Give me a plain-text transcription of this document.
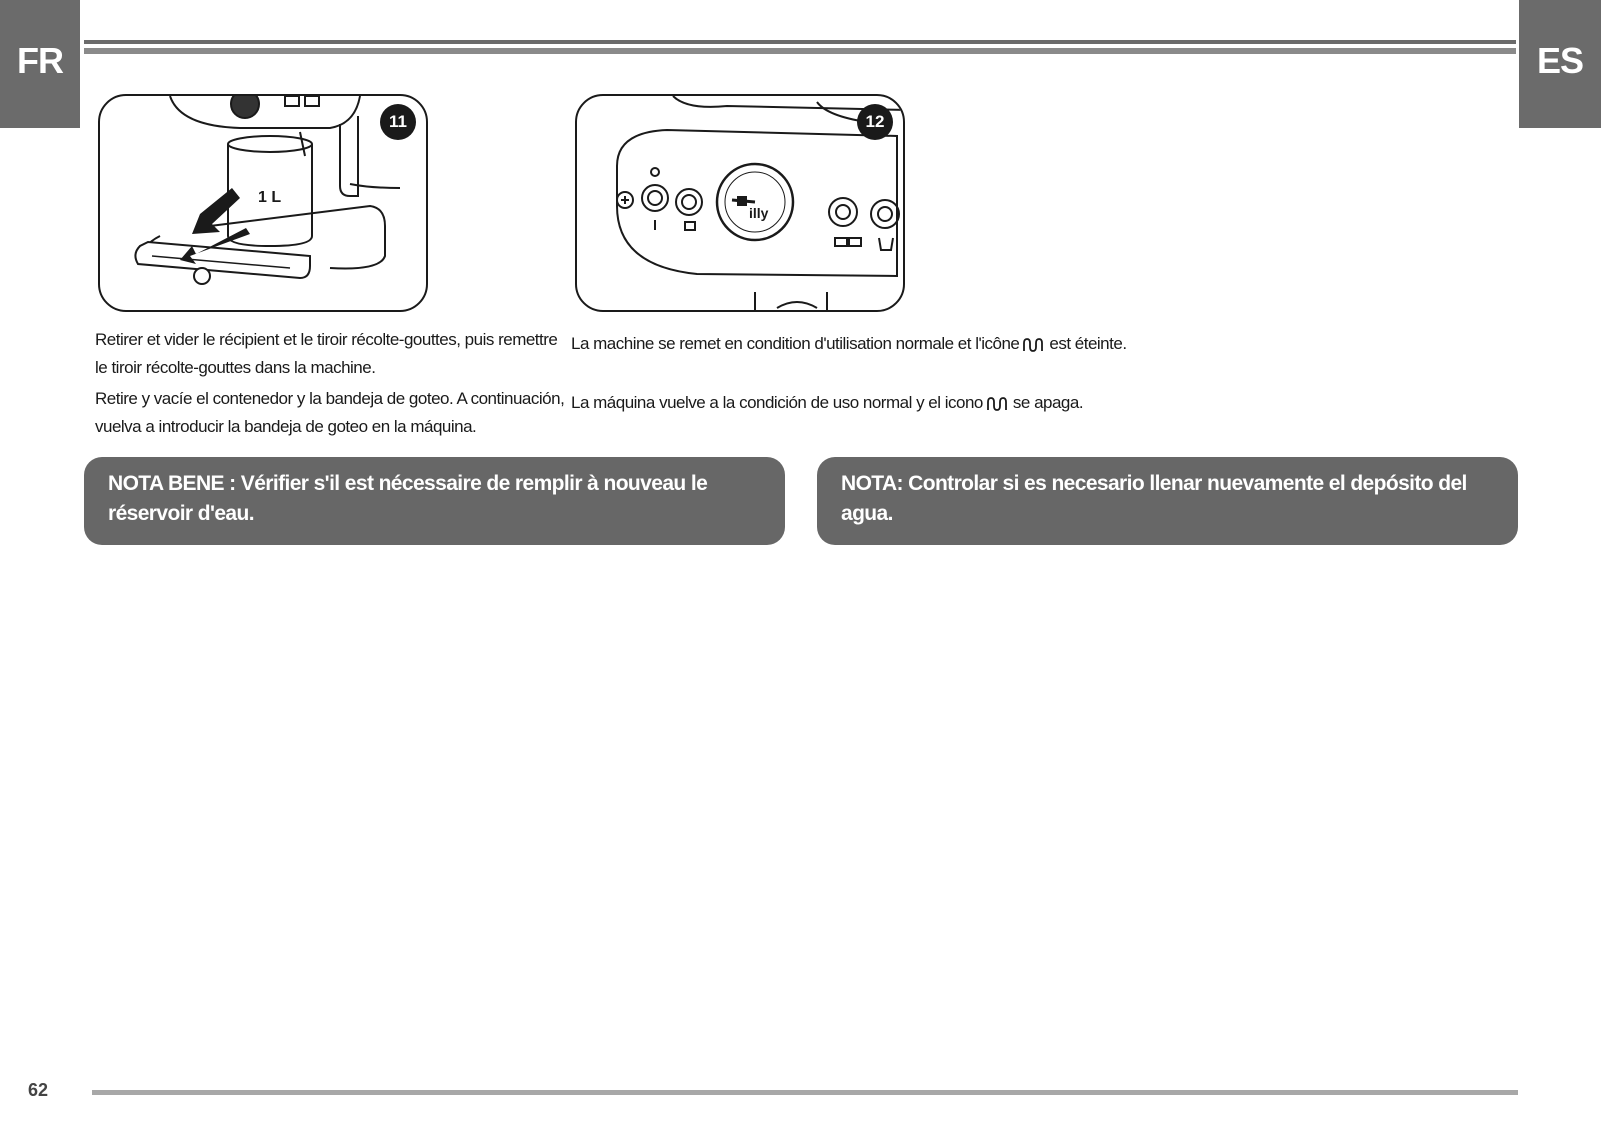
FR	ES
1 L
11
illy
12
Retirer et vider le récipient et le tiroir récolte-gouttes, puis remettre le tiroir récolte-gouttes dans la machine.
Retire y vacíe el contenedor y la bandeja de goteo. A continuación, vuelva a introducir la bandeja de goteo en la máquina.
La machine se remet en condition d'utilisation normale et l'icône est éteinte.
La máquina vuelve a la condición de uso normal y el icono se apaga.
NOTA BENE : Vérifier s'il est nécessaire de remplir à nouveau le réservoir d'eau.
NOTA: Controlar si es necesario llenar nuevamente el depósito del agua.
62
